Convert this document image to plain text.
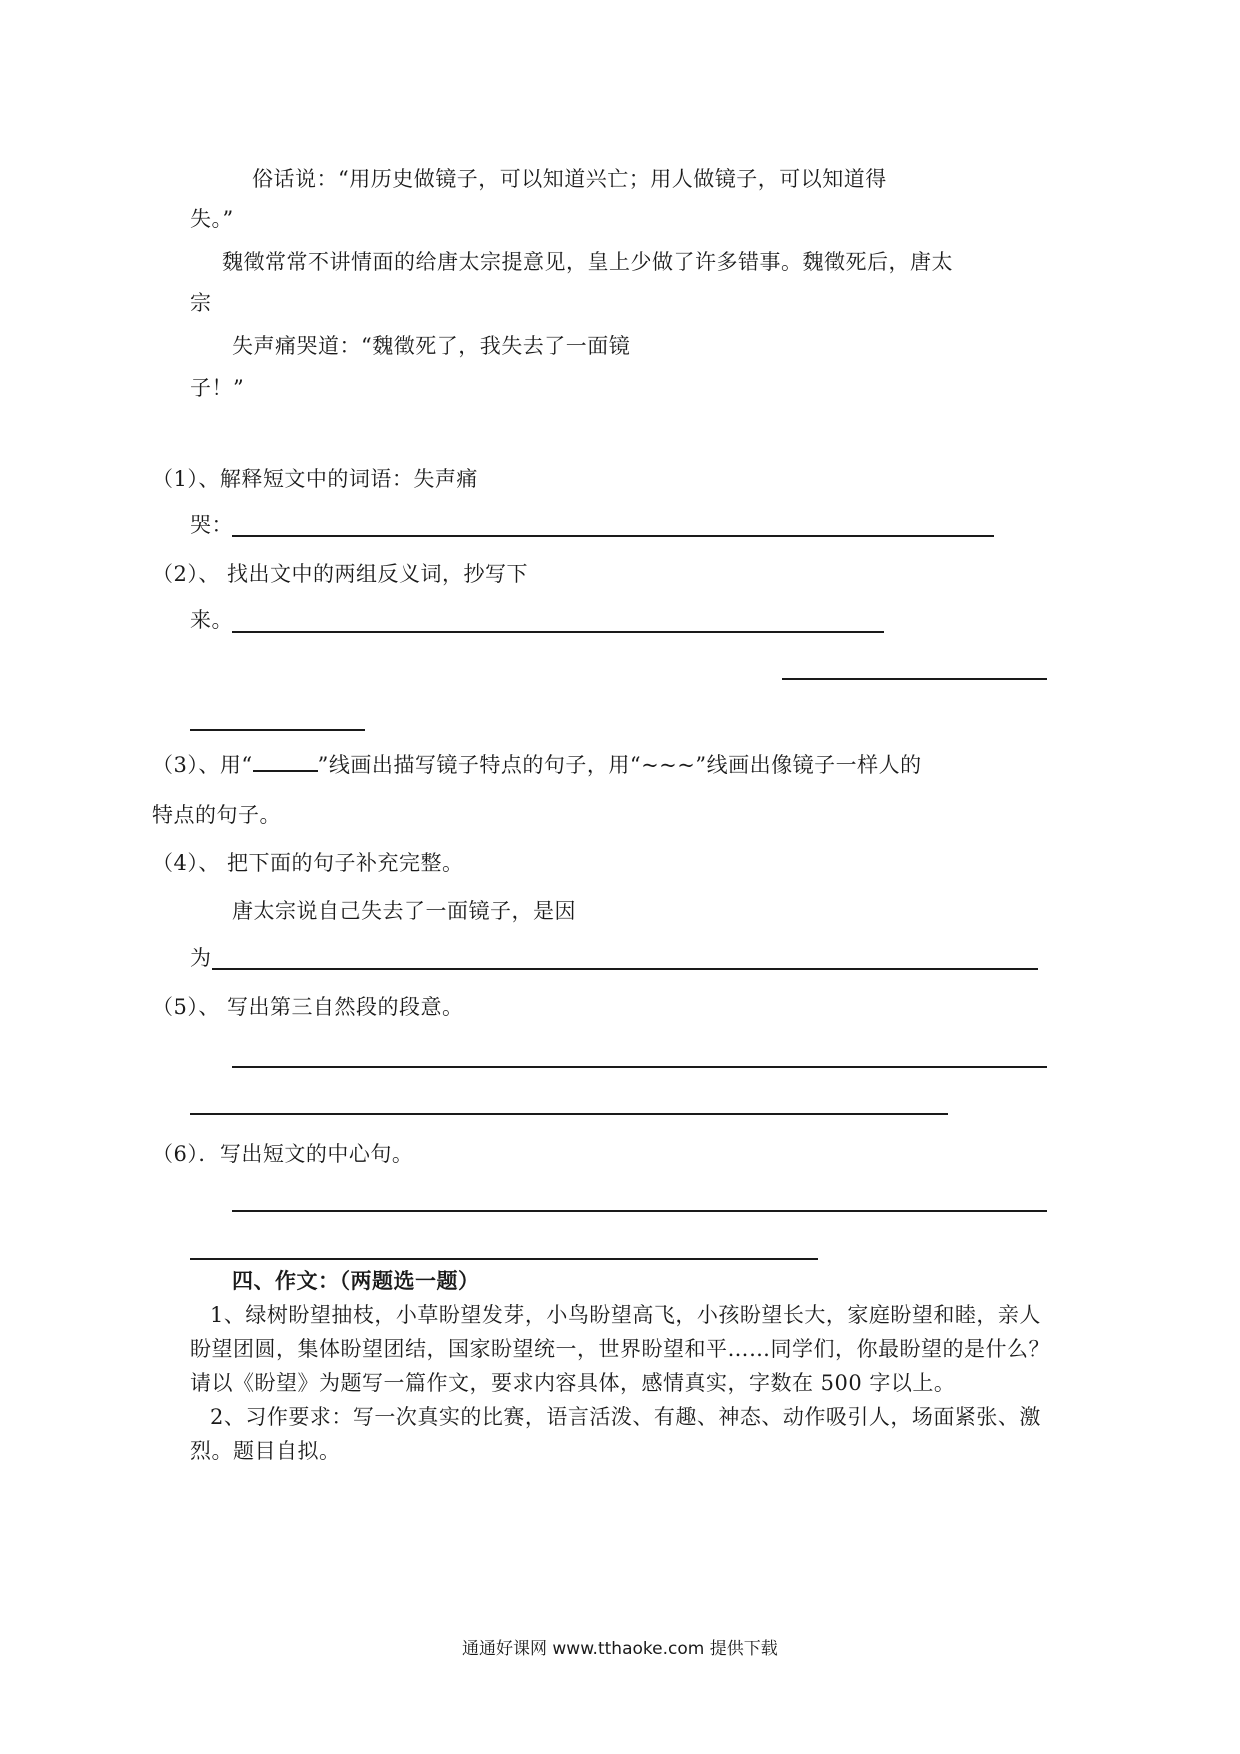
俗话说：“用历史做镜子，可以知道兴亡；用人做镜子，可以知道得
失。”
魏徵常常不讲情面的给唐太宗提意见，皇上少做了许多错事。魏徵死后，唐太
宗
失声痛哭道：“魏徵死了，我失去了一面镜
子！”
（1）、解释短文中的词语：失声痛
哭：
（2）、 找出文中的两组反义词，抄写下
来。
（3）、用“	”线画出描写镜子特点的句子，用“~~~”线画出像镜子一样人的
特点的句子。
（4）、 把下面的句子补充完整。
唐太宗说自己失去了一面镜子，是因
为
（5）、 写出第三自然段的段意。
（6）．写出短文的中心句。
四、作文：（两题选一题）
1、绿树盼望抽枝，小草盼望发芽，小鸟盼望高飞，小孩盼望长大，家庭盼望和睦，亲人
盼望团圆，集体盼望团结，国家盼望统一，世界盼望和平……同学们，你最盼望的是什么？
请以《盼望》为题写一篇作文，要求内容具体，感情真实，字数在 500 字以上。
2、习作要求：写一次真实的比赛，语言活泼、有趣、神态、动作吸引人，场面紧张、激
烈。题目自拟。
通通好课网 www.tthaoke.com 提供下载
